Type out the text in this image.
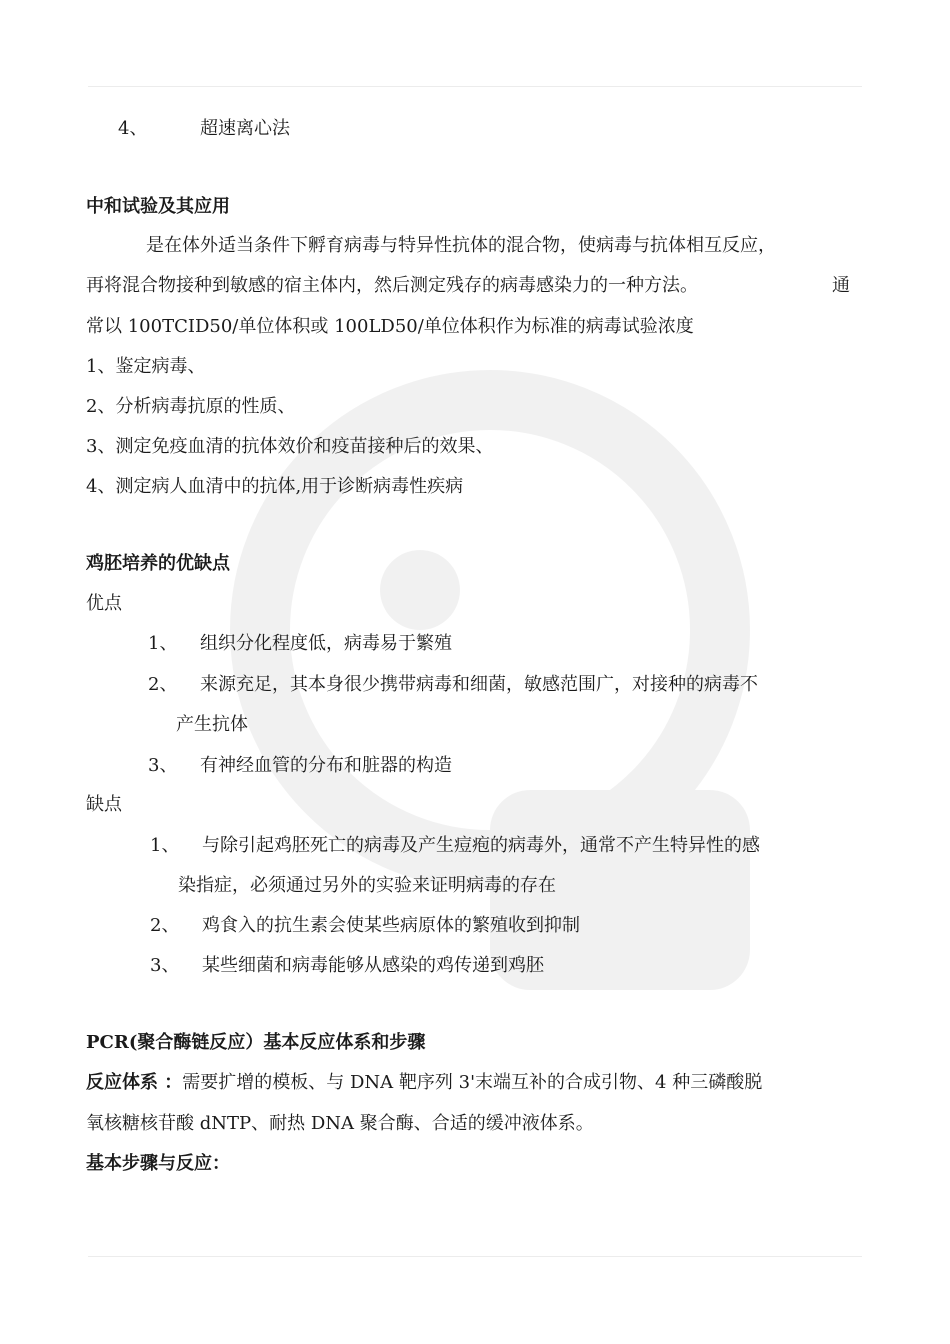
4、	超速离心法
中和试验及其应用
是在体外适当条件下孵育病毒与特异性抗体的混合物，使病毒与抗体相互反应，
再将混合物接种到敏感的宿主体内，然后测定残存的病毒感染力的一种方法。	通
常以 100TCID50/单位体积或 100LD50/单位体积作为标准的病毒试验浓度
1、鉴定病毒、
2、分析病毒抗原的性质、
3、测定免疫血清的抗体效价和疫苗接种后的效果、
4、测定病人血清中的抗体,用于诊断病毒性疾病
鸡胚培养的优缺点
优点
1、 组织分化程度低，病毒易于繁殖
2、 来源充足，其本身很少携带病毒和细菌，敏感范围广，对接种的病毒不
产生抗体
3、 有神经血管的分布和脏器的构造
缺点
1、 与除引起鸡胚死亡的病毒及产生痘疱的病毒外，通常不产生特异性的感
染指症，必须通过另外的实验来证明病毒的存在
2、 鸡食入的抗生素会使某些病原体的繁殖收到抑制
3、 某些细菌和病毒能够从感染的鸡传递到鸡胚
PCR(聚合酶链反应）基本反应体系和步骤
反应体系 ：需要扩增的模板、与 DNA 靶序列 3'末端互补的合成引物、4 种三磷酸脱
氧核糖核苷酸 dNTP、耐热 DNA 聚合酶、合适的缓冲液体系。
基本步骤与反应：
